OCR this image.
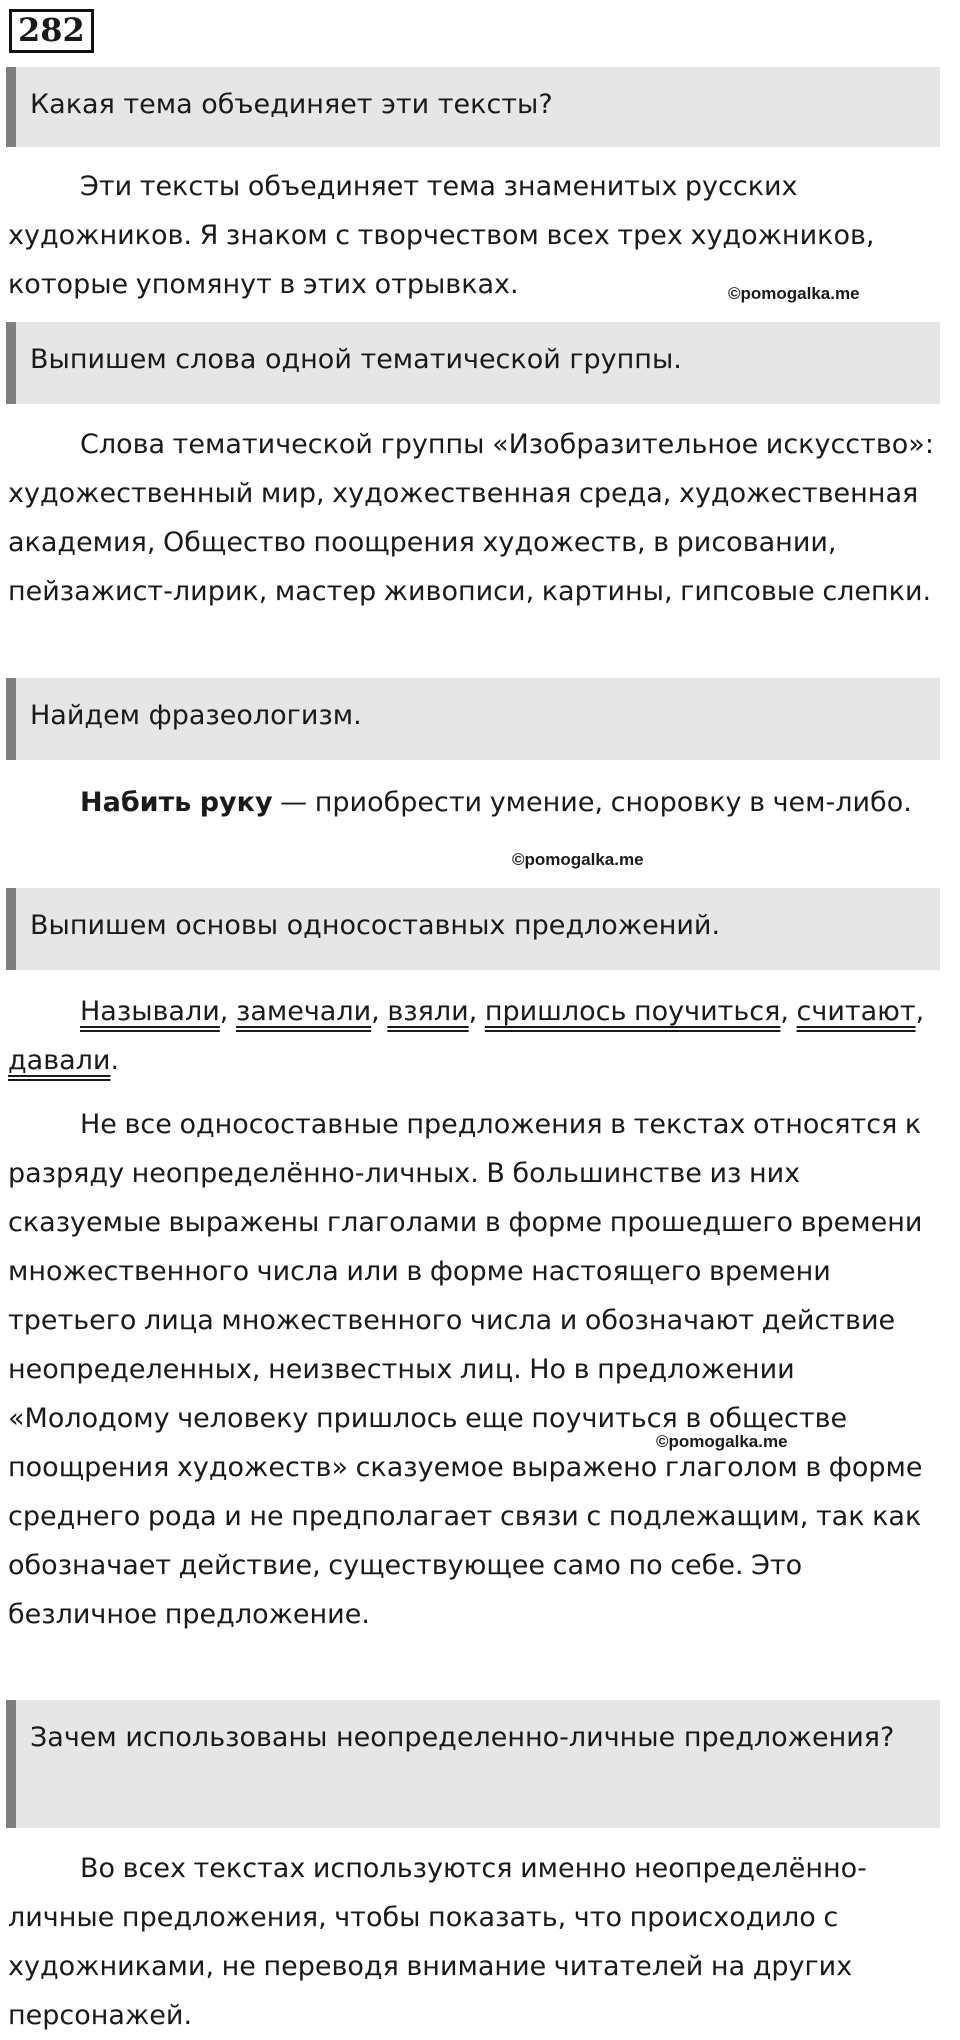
282
Какая тема объединяет эти тексты?

Эти тексты объединяет тема знаменитых русских художников. Я знаком с творчеством всех трех художников, которые упомянут в этих отрывках.	©pomogalka.me
Выпишем слова одной тематической группы.

Слова тематической группы «Изобразительное искусство»: художественный мир, художественная среда, художественная академия, Общество поощрения художеств, в рисовании, пейзажист-лирик, мастер живописи, картины, гипсовые слепки.

Найдем фразеологизм.

Набить руку — приобрести умение, сноровку в чем-либо.

©pomogalka.me
Выпишем основы односоставных предложений.

Называли, замечали, взяли, пришлось поучиться, считают, давали.

Не все односоставные предложения в текстах относятся к разряду неопределённо-личных. В большинстве из них сказуемые выражены глаголами в форме прошедшего времени множественного числа или в форме настоящего времени третьего лица множественного числа и обозначают действие неопределенных, неизвестных лиц. Но в предложении «Молодому человеку пришлось еще поучиться в обществе поощрения художеств» сказуемое выражено глаголом в форме среднего рода и не предполагает связи с подлежащим, так как обозначает действие, существующее само по себе. Это безличное предложение.

©pomogalka.me
Зачем использованы неопределенно-личные предложения?

Во всех текстах используются именно неопределённо-личные предложения, чтобы показать, что происходило с художниками, не переводя внимание читателей на других персонажей.
